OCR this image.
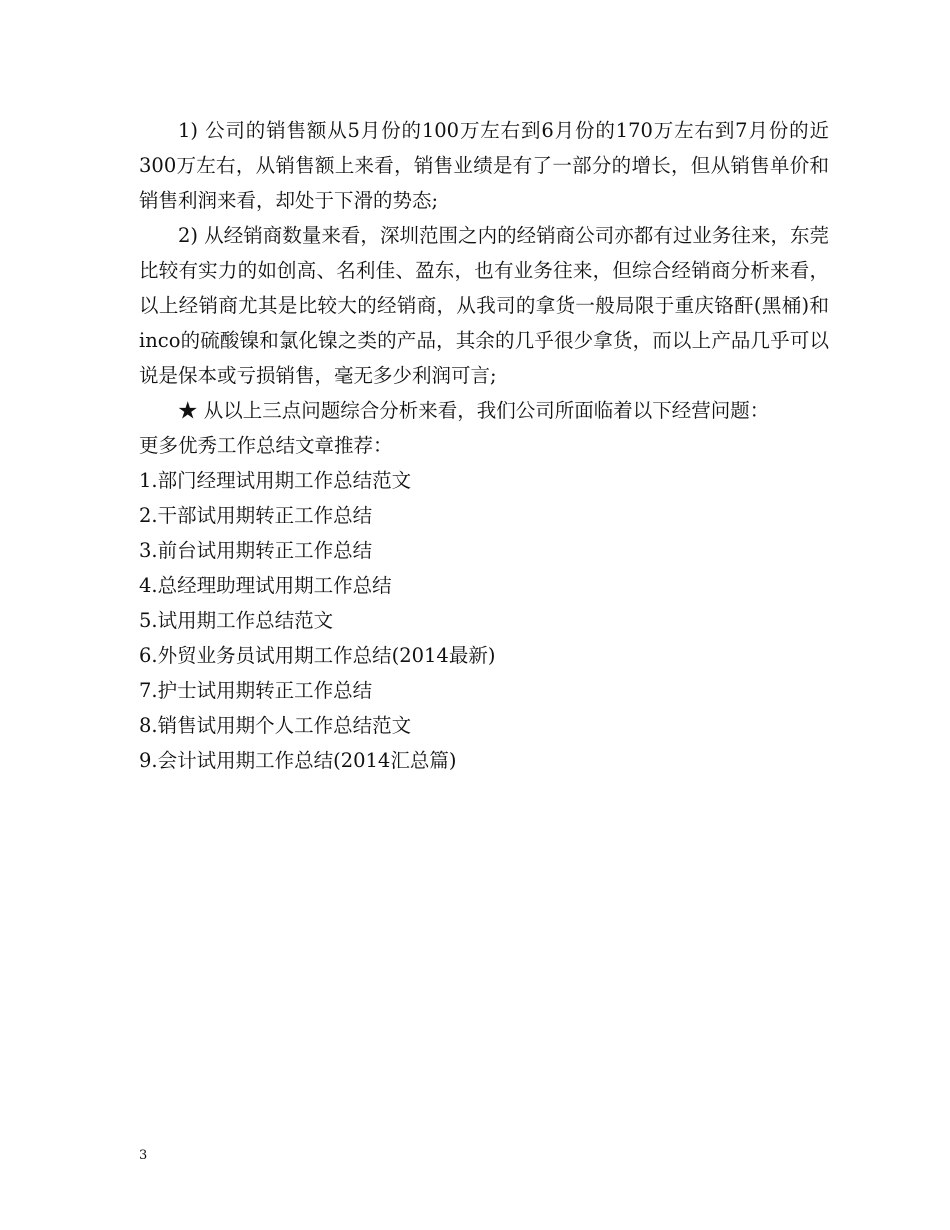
1) 公司的销售额从5月份的100万左右到6月份的170万左右到7月份的近300万左右，从销售额上来看，销售业绩是有了一部分的增长，但从销售单价和销售利润来看，却处于下滑的势态;

2) 从经销商数量来看，深圳范围之内的经销商公司亦都有过业务往来，东莞比较有实力的如创高、名利佳、盈东，也有业务往来，但综合经销商分析来看，以上经销商尤其是比较大的经销商，从我司的拿货一般局限于重庆铬酐(黑桶)和inco的硫酸镍和氯化镍之类的产品，其余的几乎很少拿货，而以上产品几乎可以说是保本或亏损销售，毫无多少利润可言;

★ 从以上三点问题综合分析来看，我们公司所面临着以下经营问题：

更多优秀工作总结文章推荐：

1.部门经理试用期工作总结范文
2.干部试用期转正工作总结
3.前台试用期转正工作总结
4.总经理助理试用期工作总结
5.试用期工作总结范文
6.外贸业务员试用期工作总结(2014最新)
7.护士试用期转正工作总结
8.销售试用期个人工作总结范文
9.会计试用期工作总结(2014汇总篇)
3
